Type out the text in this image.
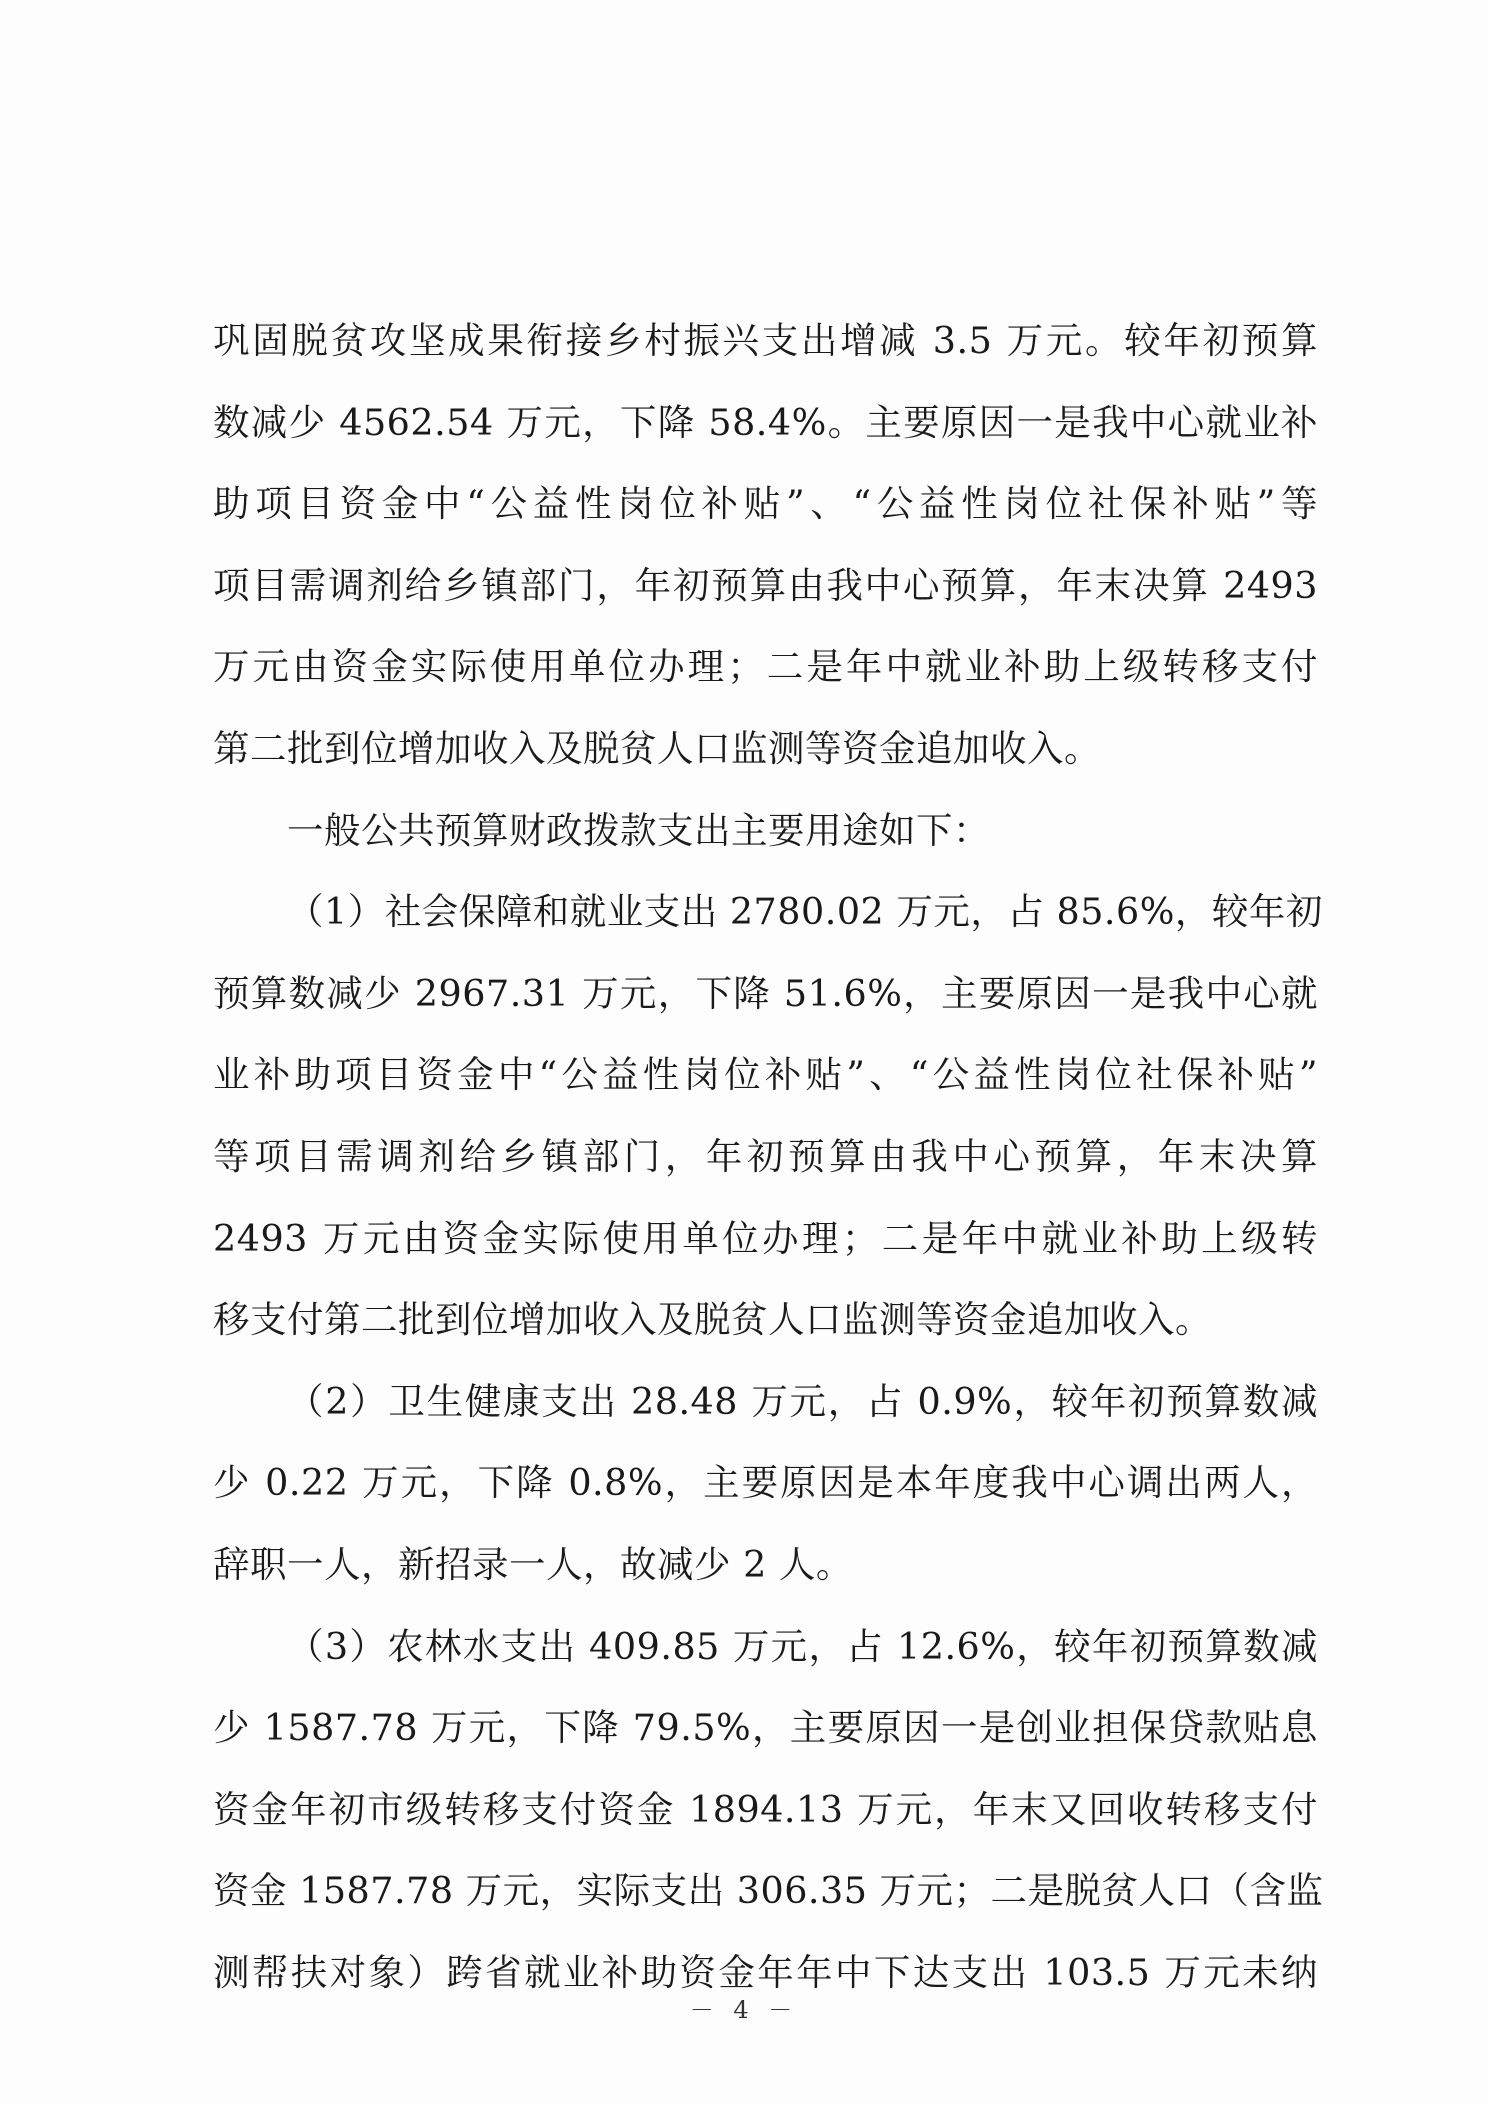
巩固脱贫攻坚成果衔接乡村振兴支出增减 3.5 万元。较年初预算

数减少 4562.54 万元，下降 58.4%。主要原因一是我中心就业补

助项目资金中“公益性岗位补贴”、“公益性岗位社保补贴”等

项目需调剂给乡镇部门，年初预算由我中心预算，年末决算 2493

万元由资金实际使用单位办理；二是年中就业补助上级转移支付

第二批到位增加收入及脱贫人口监测等资金追加收入。

一般公共预算财政拨款支出主要用途如下：

（1）社会保障和就业支出 2780.02 万元，占 85.6%，较年初

预算数减少 2967.31 万元，下降 51.6%，主要原因一是我中心就

业补助项目资金中“公益性岗位补贴”、“公益性岗位社保补贴”

等项目需调剂给乡镇部门，年初预算由我中心预算，年末决算

2493 万元由资金实际使用单位办理；二是年中就业补助上级转

移支付第二批到位增加收入及脱贫人口监测等资金追加收入。

（2）卫生健康支出 28.48 万元，占 0.9%，较年初预算数减

少 0.22 万元，下降 0.8%，主要原因是本年度我中心调出两人，

辞职一人，新招录一人，故减少 2 人。

（3）农林水支出 409.85 万元，占 12.6%，较年初预算数减

少 1587.78 万元，下降 79.5%，主要原因一是创业担保贷款贴息

资金年初市级转移支付资金 1894.13 万元，年末又回收转移支付

资金 1587.78 万元，实际支出 306.35 万元；二是脱贫人口（含监

测帮扶对象）跨省就业补助资金年年中下达支出 103.5 万元未纳

－ 4 －
